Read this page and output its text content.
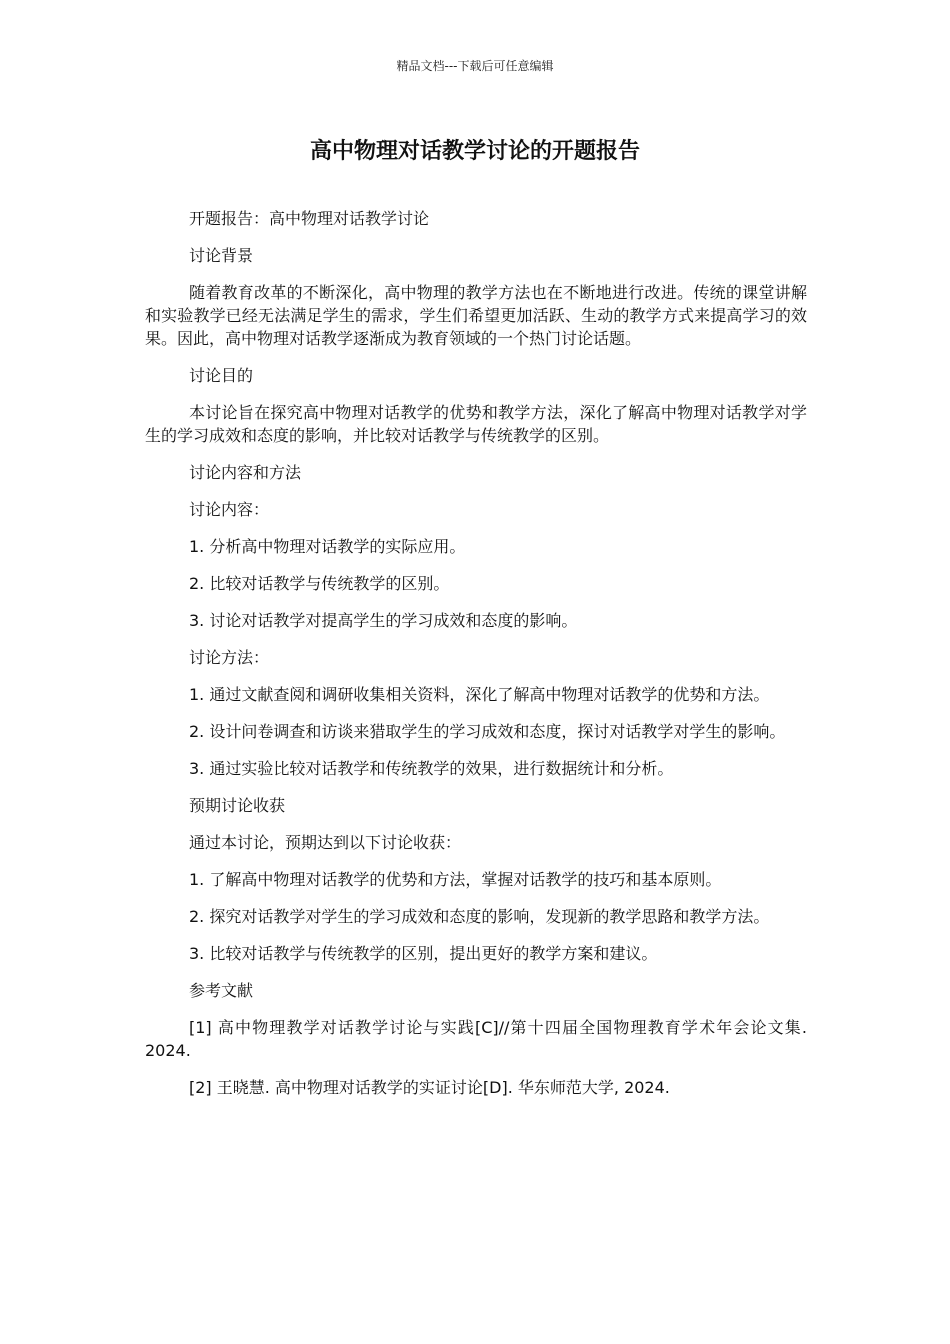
精品文档---下载后可任意编辑
高中物理对话教学讨论的开题报告

开题报告：高中物理对话教学讨论

讨论背景

随着教育改革的不断深化，高中物理的教学方法也在不断地进行改进。传统的课堂讲解和实验教学已经无法满足学生的需求，学生们希望更加活跃、生动的教学方式来提高学习的效果。因此，高中物理对话教学逐渐成为教育领域的一个热门讨论话题。

讨论目的

本讨论旨在探究高中物理对话教学的优势和教学方法，深化了解高中物理对话教学对学生的学习成效和态度的影响，并比较对话教学与传统教学的区别。

讨论内容和方法

讨论内容：

1. 分析高中物理对话教学的实际应用。

2. 比较对话教学与传统教学的区别。

3. 讨论对话教学对提高学生的学习成效和态度的影响。

讨论方法：

1. 通过文献查阅和调研收集相关资料，深化了解高中物理对话教学的优势和方法。

2. 设计问卷调查和访谈来猎取学生的学习成效和态度，探讨对话教学对学生的影响。

3. 通过实验比较对话教学和传统教学的效果，进行数据统计和分析。

预期讨论收获

通过本讨论，预期达到以下讨论收获：

1. 了解高中物理对话教学的优势和方法，掌握对话教学的技巧和基本原则。

2. 探究对话教学对学生的学习成效和态度的影响，发现新的教学思路和教学方法。

3. 比较对话教学与传统教学的区别，提出更好的教学方案和建议。

参考文献

[1] 高中物理教学对话教学讨论与实践[C]//第十四届全国物理教育学术年会论文集. 2024.

[2] 王晓慧. 高中物理对话教学的实证讨论[D]. 华东师范大学, 2024.
